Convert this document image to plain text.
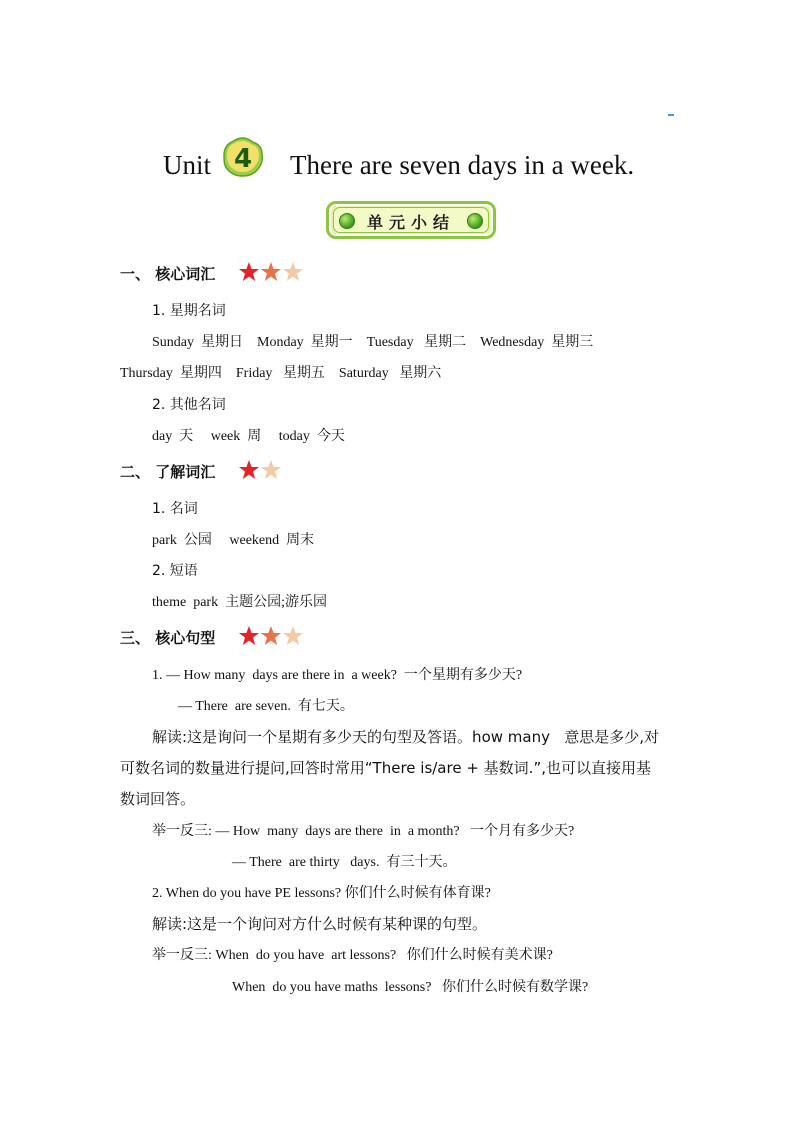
Unit 4 There are seven days in a week.
单元小结
一、 核心词汇
1. 星期名词
Sunday  星期日    Monday  星期一    Tuesday   星期二    Wednesday  星期三
Thursday  星期四    Friday   星期五    Saturday   星期六
2. 其他名词
day  天     week  周     today  今天
二、 了解词汇
1. 名词
park  公园     weekend  周末
2. 短语
theme  park  主题公园;游乐园
三、 核心句型
1. — How many  days are there in  a week?  一个星期有多少天?
— There  are seven.  有七天。
解读:这是询问一个星期有多少天的句型及答语。how many   意思是多少,对
可数名词的数量进行提问,回答时常用“There is/are + 基数词.”,也可以直接用基
数词回答。
举一反三: — How  many  days are there  in  a month?   一个月有多少天?
— There  are thirty   days.  有三十天。
2. When do you have PE lessons? 你们什么时候有体育课?
解读:这是一个询问对方什么时候有某种课的句型。
举一反三: When  do you have  art lessons?   你们什么时候有美术课?
When  do you have maths  lessons?   你们什么时候有数学课?
